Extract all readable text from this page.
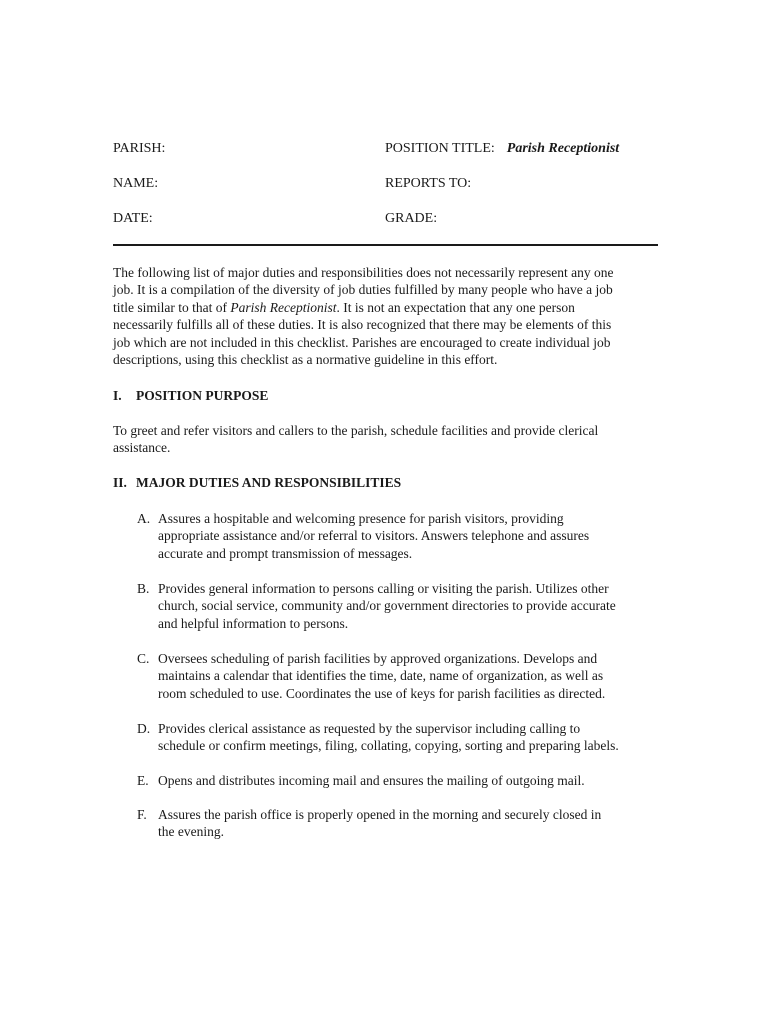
PARISH:
NAME:
DATE:
POSITION TITLE: Parish Receptionist
REPORTS TO:
GRADE:
The following list of major duties and responsibilities does not necessarily represent any one
job. It is a compilation of the diversity of job duties fulfilled by many people who have a job
title similar to that of Parish Receptionist. It is not an expectation that any one person
necessarily fulfills all of these duties. It is also recognized that there may be elements of this
job which are not included in this checklist. Parishes are encouraged to create individual job
descriptions, using this checklist as a normative guideline in this effort.
I. POSITION PURPOSE
To greet and refer visitors and callers to the parish, schedule facilities and provide clerical
assistance.
II. MAJOR DUTIES AND RESPONSIBILITIES
A. Assures a hospitable and welcoming presence for parish visitors, providing
appropriate assistance and/or referral to visitors. Answers telephone and assures
accurate and prompt transmission of messages.
B. Provides general information to persons calling or visiting the parish. Utilizes other
church, social service, community and/or government directories to provide accurate
and helpful information to persons.
C. Oversees scheduling of parish facilities by approved organizations. Develops and
maintains a calendar that identifies the time, date, name of organization, as well as
room scheduled to use. Coordinates the use of keys for parish facilities as directed.
D. Provides clerical assistance as requested by the supervisor including calling to
schedule or confirm meetings, filing, collating, copying, sorting and preparing labels.
E. Opens and distributes incoming mail and ensures the mailing of outgoing mail.
F. Assures the parish office is properly opened in the morning and securely closed in
the evening.
